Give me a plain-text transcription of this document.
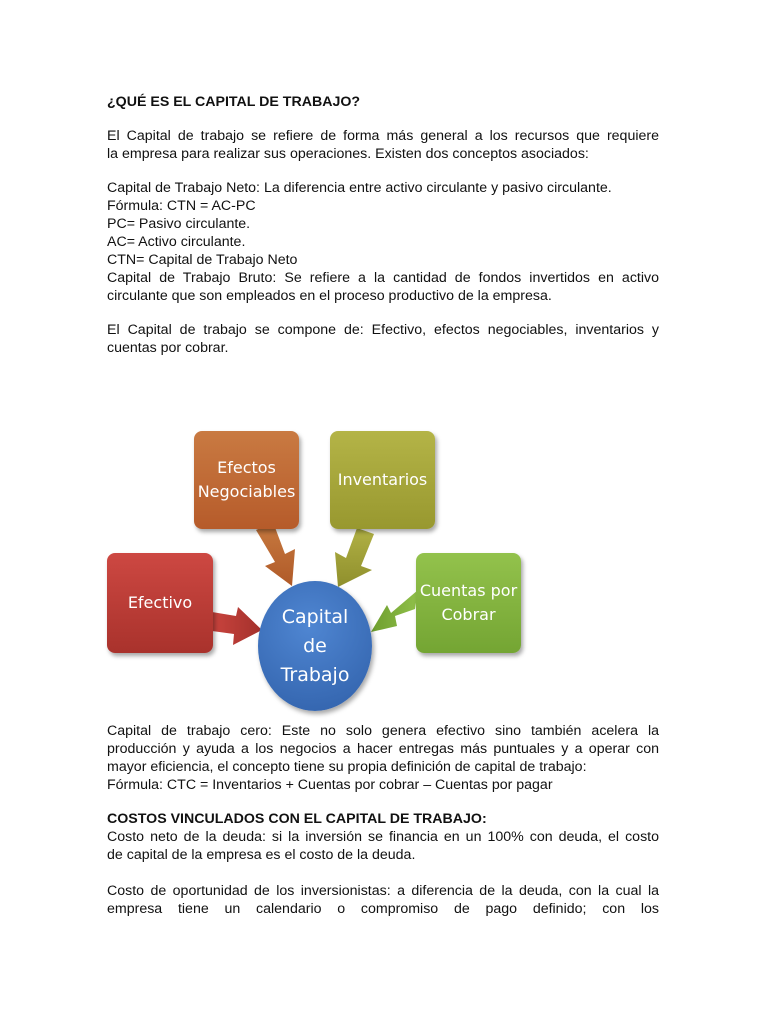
¿QUÉ ES EL CAPITAL DE TRABAJO?

El Capital de trabajo se refiere de forma más general a los recursos que requiere
la empresa para realizar sus operaciones. Existen dos conceptos asociados:

Capital de Trabajo Neto: La diferencia entre activo circulante y pasivo circulante.
Fórmula: CTN = AC-PC
PC= Pasivo circulante.
AC= Activo circulante.
CTN= Capital de Trabajo Neto
Capital de Trabajo Bruto: Se refiere a la cantidad de fondos invertidos en activo
circulante que son empleados en el proceso productivo de la empresa.

El Capital de trabajo se compone de: Efectivo, efectos negociables, inventarios y
cuentas por cobrar.

Efectos
Negociables
Inventarios
Efectivo
Cuentas por
Cobrar
Capital
de
Trabajo

Capital de trabajo cero: Este no solo genera efectivo sino también acelera la
producción y ayuda a los negocios a hacer entregas más puntuales y a operar con
mayor eficiencia, el concepto tiene su propia definición de capital de trabajo:
Fórmula: CTC = Inventarios + Cuentas por cobrar – Cuentas por pagar

COSTOS VINCULADOS CON EL CAPITAL DE TRABAJO:

Costo neto de la deuda: si la inversión se financia en un 100% con deuda, el costo
de capital de la empresa es el costo de la deuda.

Costo de oportunidad de los inversionistas: a diferencia de la deuda, con la cual la
empresa tiene un calendario o compromiso de pago definido; con los
